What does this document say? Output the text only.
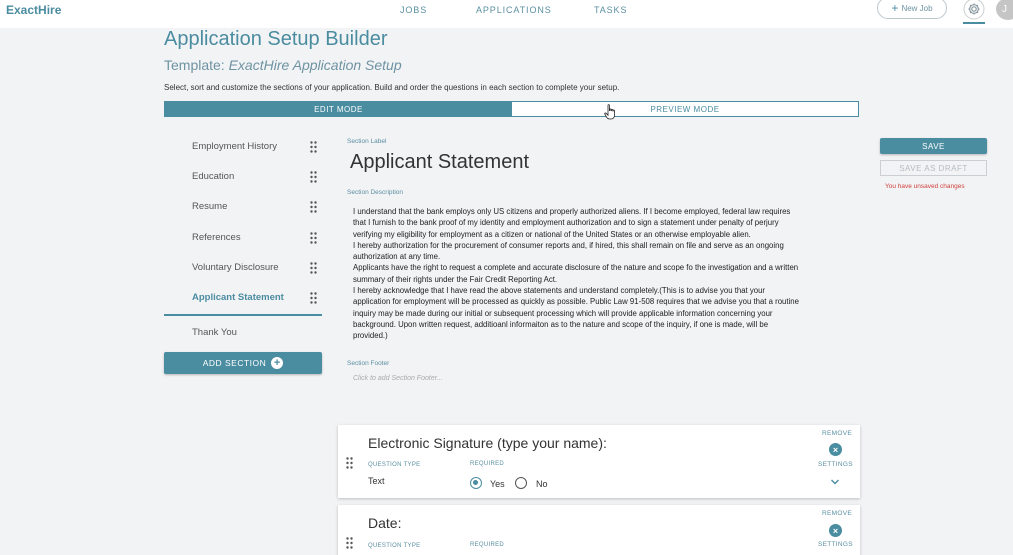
ExactHire	JOBS	APPLICATIONS	TASKS	+ New Job	J
Application Setup Builder
Template: ExactHire Application Setup
Select, sort and customize the sections of your application. Build and order the questions in each section to complete your setup.
EDIT MODE	PREVIEW MODE
Employment History
Education
Resume
References
Voluntary Disclosure
Applicant Statement
Thank You
ADD SECTION +
Section Label
Applicant Statement
Section Description

I understand that the bank employs only US citizens and properly authorized aliens. If I become employed, federal law requires that I furnish to the bank proof of my identity and employment authorization and to sign a statement under penalty of perjury verifying my eligibility for employment as a citizen or national of the United States or an otherwise employable alien.

I hereby authorization for the procurement of consumer reports and, if hired, this shall remain on file and serve as an ongoing authorization at any time.

Applicants have the right to request a complete and accurate disclosure of the nature and scope fo the investigation and a written summary of their rights under the Fair Credit Reporting Act.

I hereby acknowledge that I have read the above statements and understand completely.(This is to advise you that your application for employment will be processed as quickly as possible. Public Law 91-508 requires that we advise you that a routine inquiry may be made during our initial or subsequent processing which will provide applicable information concerning your background. Upon written request, additioanl informaiton as to the nature and scope of the inquiry, if one is made, will be provided.)

Section Footer
Click to add Section Footer...
SAVE
SAVE AS DRAFT
You have unsaved changes
Electronic Signature (type your name):
QUESTION TYPE
Text
REQUIRED
Yes	No
REMOVE
×
SETTINGS
Date:
QUESTION TYPE	REQUIRED
REMOVE
×
SETTINGS
